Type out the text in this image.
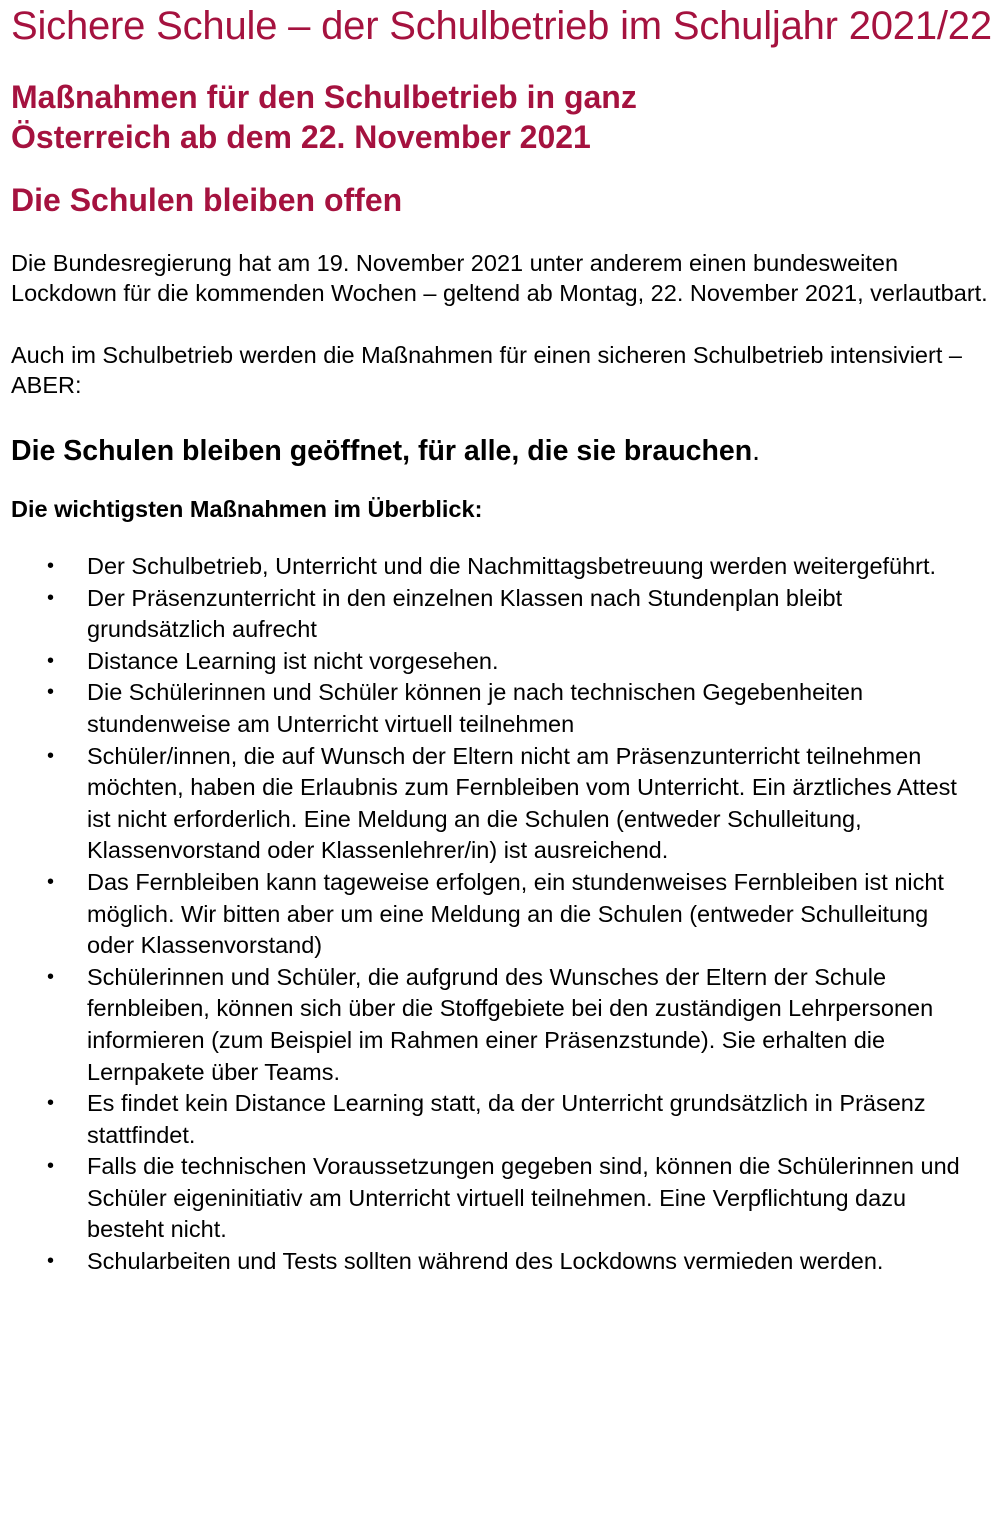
Sichere Schule – der Schulbetrieb im Schuljahr 2021/22
Maßnahmen für den Schulbetrieb in ganz
Österreich ab dem 22. November 2021
Die Schulen bleiben offen

Die Bundesregierung hat am 19. November 2021 unter anderem einen bundesweiten Lockdown für die kommenden Wochen – geltend ab Montag, 22. November 2021, verlautbart.

Auch im Schulbetrieb werden die Maßnahmen für einen sicheren Schulbetrieb intensiviert – ABER:

Die Schulen bleiben geöffnet, für alle, die sie brauchen.

Die wichtigsten Maßnahmen im Überblick:

• Der Schulbetrieb, Unterricht und die Nachmittagsbetreuung werden weitergeführt.
• Der Präsenzunterricht in den einzelnen Klassen nach Stundenplan bleibt grundsätzlich aufrecht
• Distance Learning ist nicht vorgesehen.
• Die Schülerinnen und Schüler können je nach technischen Gegebenheiten stundenweise am Unterricht virtuell teilnehmen
• Schüler/innen, die auf Wunsch der Eltern nicht am Präsenzunterricht teilnehmen möchten, haben die Erlaubnis zum Fernbleiben vom Unterricht. Ein ärztliches Attest ist nicht erforderlich. Eine Meldung an die Schulen (entweder Schulleitung, Klassenvorstand oder Klassenlehrer/in) ist ausreichend.
• Das Fernbleiben kann tageweise erfolgen, ein stundenweises Fernbleiben ist nicht möglich. Wir bitten aber um eine Meldung an die Schulen (entweder Schulleitung oder Klassenvorstand)
• Schülerinnen und Schüler, die aufgrund des Wunsches der Eltern der Schule fernbleiben, können sich über die Stoffgebiete bei den zuständigen Lehrpersonen informieren (zum Beispiel im Rahmen einer Präsenzstunde). Sie erhalten die Lernpakete über Teams.
• Es findet kein Distance Learning statt, da der Unterricht grundsätzlich in Präsenz stattfindet.
• Falls die technischen Voraussetzungen gegeben sind, können die Schülerinnen und Schüler eigeninitiativ am Unterricht virtuell teilnehmen. Eine Verpflichtung dazu besteht nicht.
• Schularbeiten und Tests sollten während des Lockdowns vermieden werden.
